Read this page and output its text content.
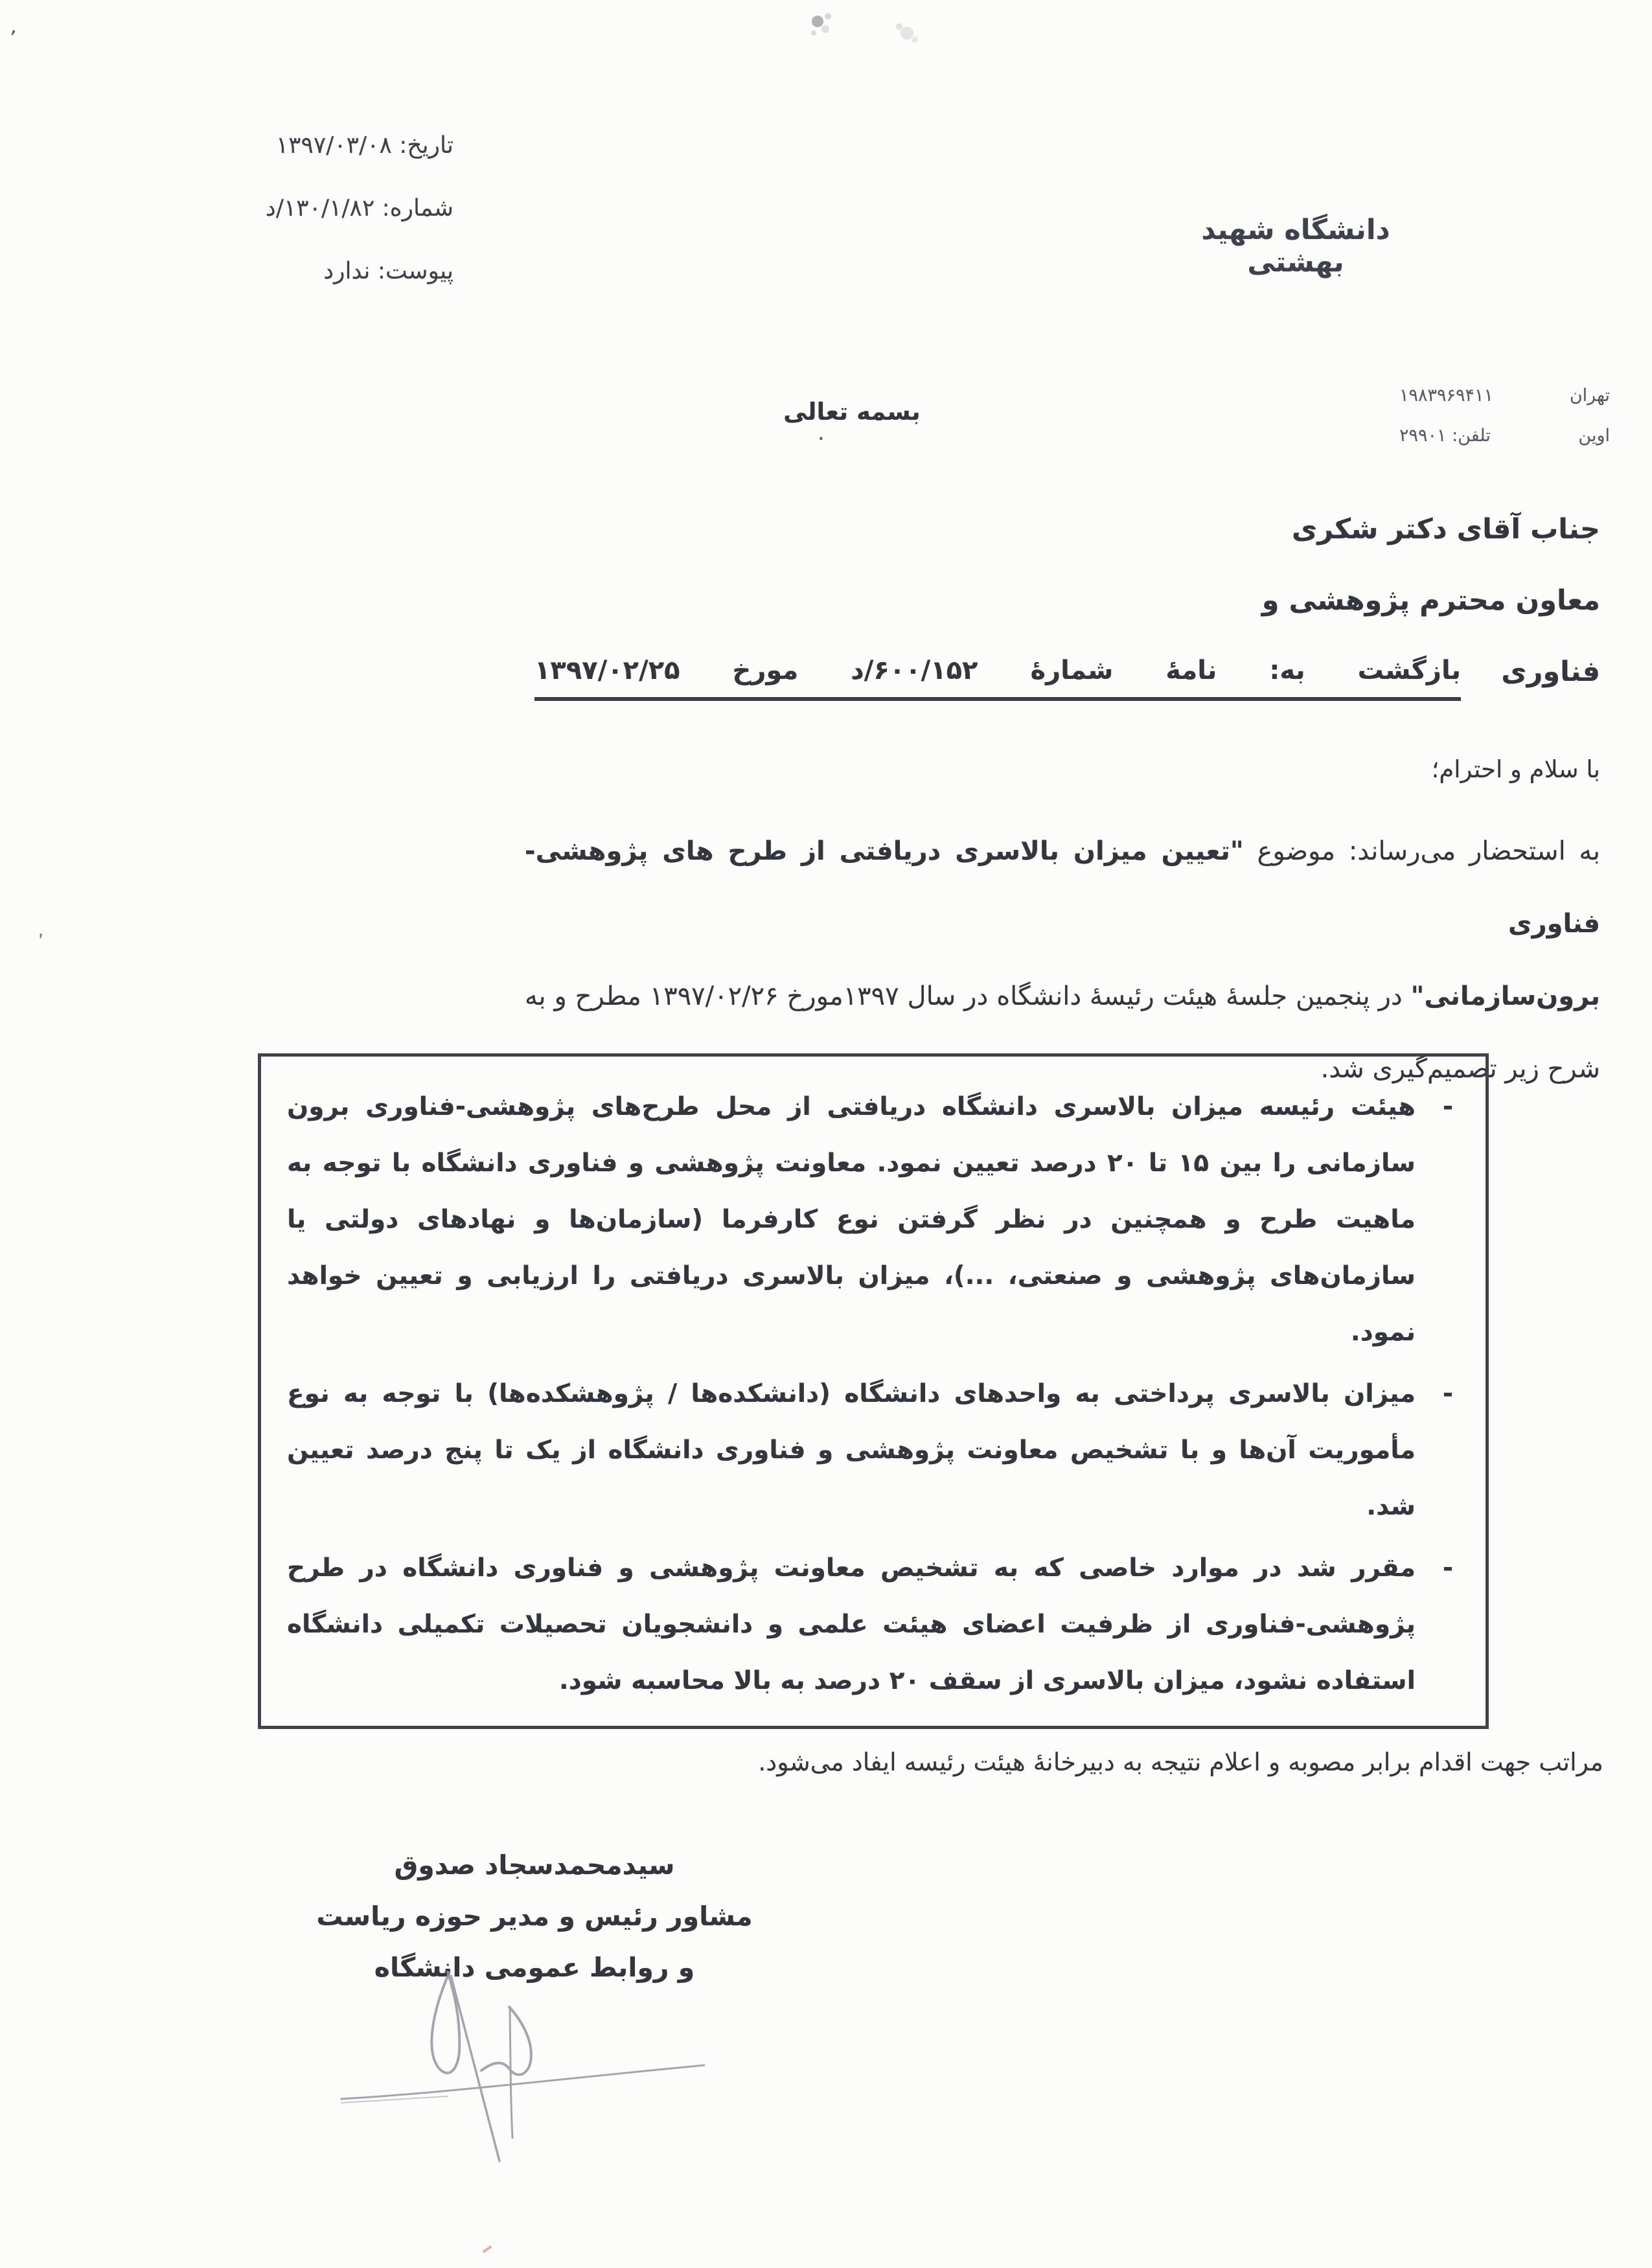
تاریخ: ۱۳۹۷/۰۳/۰۸
شماره: ۱۳۰/۱/۸۲/د
پیوست: ندارد
دانشگاه شهید بهشتی
تهران
۱۹۸۳۹۶۹۴۱۱
اوین
تلفن: ۲۹۹۰۱
بسمه تعالی
جناب آقای دکتر شکری
معاون محترم پژوهشی و فناوری
بازگشت به: نامهٔ شمارهٔ ۶۰۰/۱۵۲/د مورخ ۱۳۹۷/۰۲/۲۵
با سلام و احترام؛
به استحضار می‌رساند: موضوع "تعیین میزان بالاسری دریافتی از طرح های پژوهشی-فناوری
برون‌سازمانی" در پنجمین جلسهٔ هیئت رئیسهٔ دانشگاه در سال ۱۳۹۷مورخ ۱۳۹۷/۰۲/۲۶ مطرح و به
شرح زیر تصمیم‌گیری شد.
-
هیئت رئیسه میزان بالاسری دانشگاه دریافتی از محل طرح‌های پژوهشی-فناوری برون سازمانی را بین ۱۵ تا ۲۰ درصد تعیین نمود. معاونت پژوهشی و فناوری دانشگاه با توجه به ماهیت طرح و همچنین در نظر گرفتن نوع کارفرما (سازمان‌ها و نهادهای دولتی یا سازمان‌های پژوهشی و صنعتی، ...)، میزان بالاسری دریافتی را ارزیابی و تعیین خواهد نمود.
-
میزان بالاسری پرداختی به واحدهای دانشگاه (دانشکده‌ها / پژوهشکده‌ها) با توجه به نوع مأموریت آن‌ها و با تشخیص معاونت پژوهشی و فناوری دانشگاه از یک تا پنج درصد تعیین شد.
-
مقرر شد در موارد خاصی که به تشخیص معاونت پژوهشی و فناوری دانشگاه در طرح پژوهشی-فناوری از ظرفیت اعضای هیئت علمی و دانشجویان تحصیلات تکمیلی دانشگاه استفاده نشود، میزان بالاسری از سقف ۲۰ درصد به بالا محاسبه شود.
مراتب جهت اقدام برابر مصوبه و اعلام نتیجه به دبیرخانهٔ هیئت رئیسه ایفاد می‌شود.
سیدمحمدسجاد صدوق
مشاور رئیس و مدیر حوزه ریاست
و روابط عمومی دانشگاه
’
٬
.
